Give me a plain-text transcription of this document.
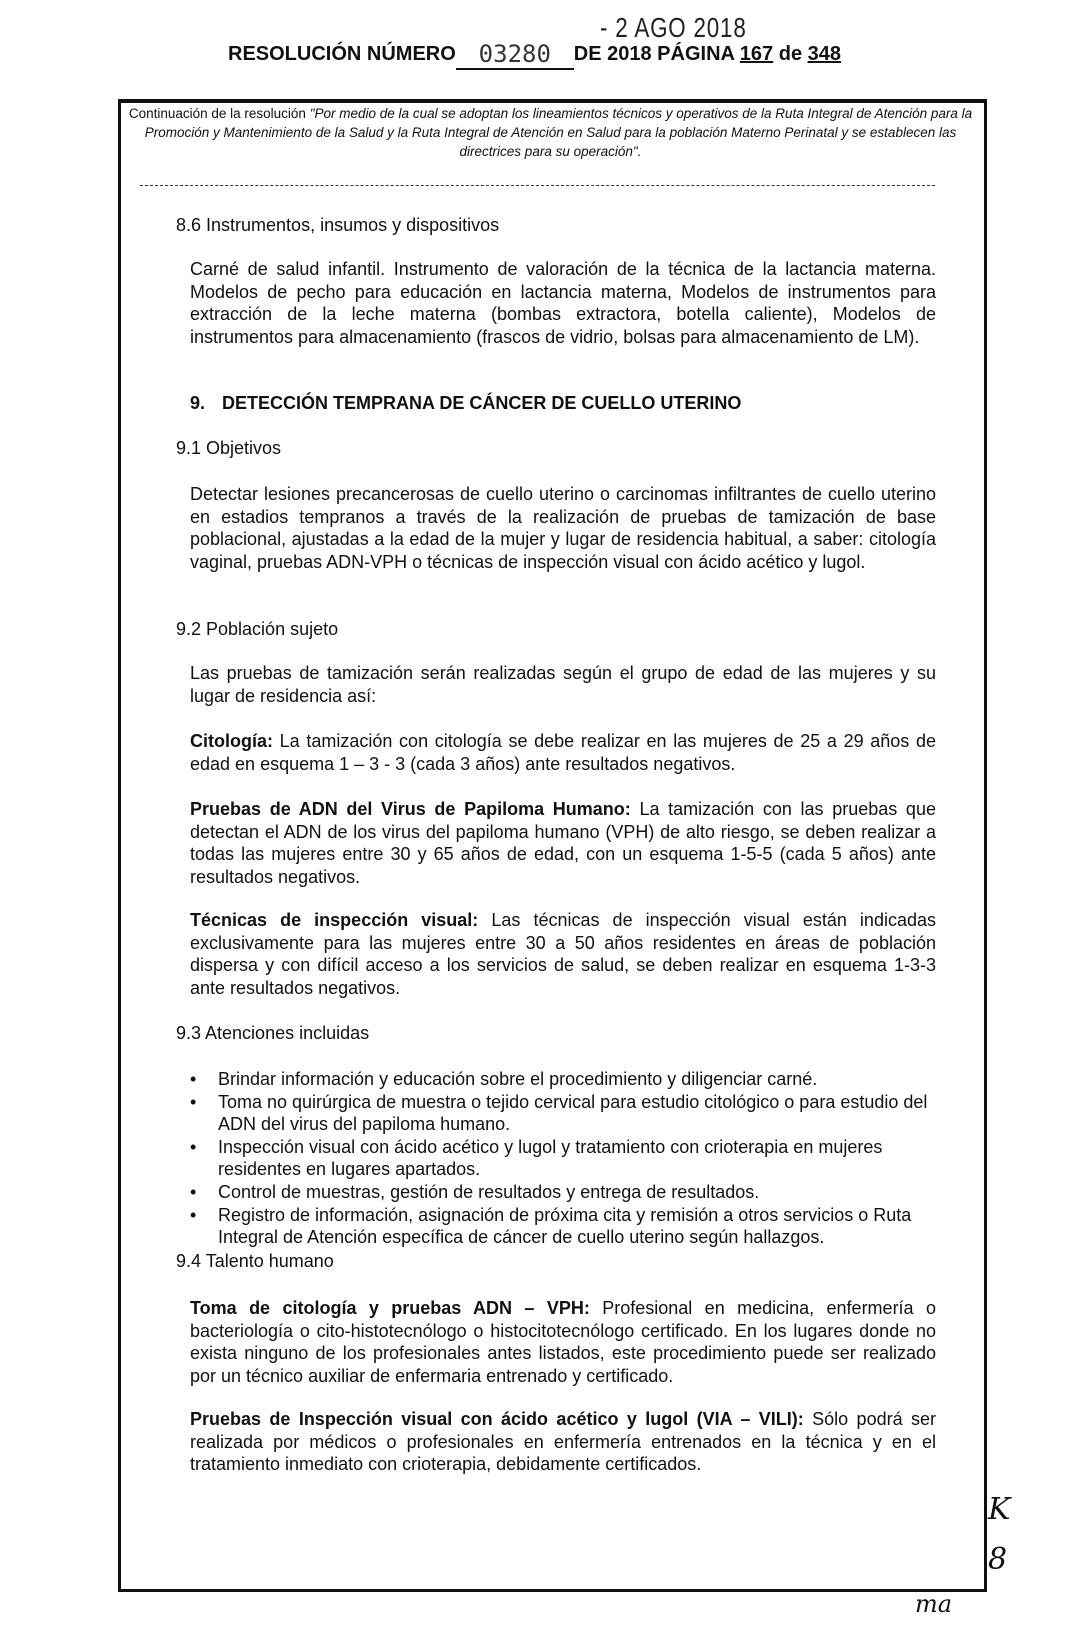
- 2 AGO 2018
RESOLUCIÓN NÚMERO 03280 DE 2018 PÁGINA 167 de 348
Continuación de la resolución "Por medio de la cual se adoptan los lineamientos técnicos y operativos de la Ruta Integral de Atención para la Promoción y Mantenimiento de la Salud y la Ruta Integral de Atención en Salud para la población Materno Perinatal y se establecen las directrices para su operación".
8.6 Instrumentos, insumos y dispositivos
Carné de salud infantil. Instrumento de valoración de la técnica de la lactancia materna. Modelos de pecho para educación en lactancia materna, Modelos de instrumentos para extracción de la leche materna (bombas extractora, botella caliente), Modelos de instrumentos para almacenamiento (frascos de vidrio, bolsas para almacenamiento de LM).
9. DETECCIÓN TEMPRANA DE CÁNCER DE CUELLO UTERINO
9.1 Objetivos
Detectar lesiones precancerosas de cuello uterino o carcinomas infiltrantes de cuello uterino en estadios tempranos a través de la realización de pruebas de tamización de base poblacional, ajustadas a la edad de la mujer y lugar de residencia habitual, a saber: citología vaginal, pruebas ADN-VPH o técnicas de inspección visual con ácido acético y lugol.
9.2 Población sujeto
Las pruebas de tamización serán realizadas según el grupo de edad de las mujeres y su lugar de residencia así:
Citología: La tamización con citología se debe realizar en las mujeres de 25 a 29 años de edad en esquema 1 – 3 - 3 (cada 3 años) ante resultados negativos.
Pruebas de ADN del Virus de Papiloma Humano: La tamización con las pruebas que detectan el ADN de los virus del papiloma humano (VPH) de alto riesgo, se deben realizar a todas las mujeres entre 30 y 65 años de edad, con un esquema 1-5-5 (cada 5 años) ante resultados negativos.
Técnicas de inspección visual: Las técnicas de inspección visual están indicadas exclusivamente para las mujeres entre 30 a 50 años residentes en áreas de población dispersa y con difícil acceso a los servicios de salud, se deben realizar en esquema 1-3-3 ante resultados negativos.
9.3 Atenciones incluidas
• Brindar información y educación sobre el procedimiento y diligenciar carné.
• Toma no quirúrgica de muestra o tejido cervical para estudio citológico o para estudio del ADN del virus del papiloma humano.
• Inspección visual con ácido acético y lugol y tratamiento con crioterapia en mujeres residentes en lugares apartados.
• Control de muestras, gestión de resultados y entrega de resultados.
• Registro de información, asignación de próxima cita y remisión a otros servicios o Ruta Integral de Atención específica de cáncer de cuello uterino según hallazgos.
9.4 Talento humano
Toma de citología y pruebas ADN – VPH: Profesional en medicina, enfermería o bacteriología o cito-histotecnólogo o histocitotecnólogo certificado. En los lugares donde no exista ninguno de los profesionales antes listados, este procedimiento puede ser realizado por un técnico auxiliar de enfermaria entrenado y certificado.
Pruebas de Inspección visual con ácido acético y lugol (VIA – VILI): Sólo podrá ser realizada por médicos o profesionales en enfermería entrenados en la técnica y en el tratamiento inmediato con crioterapia, debidamente certificados.
K
8
ma
